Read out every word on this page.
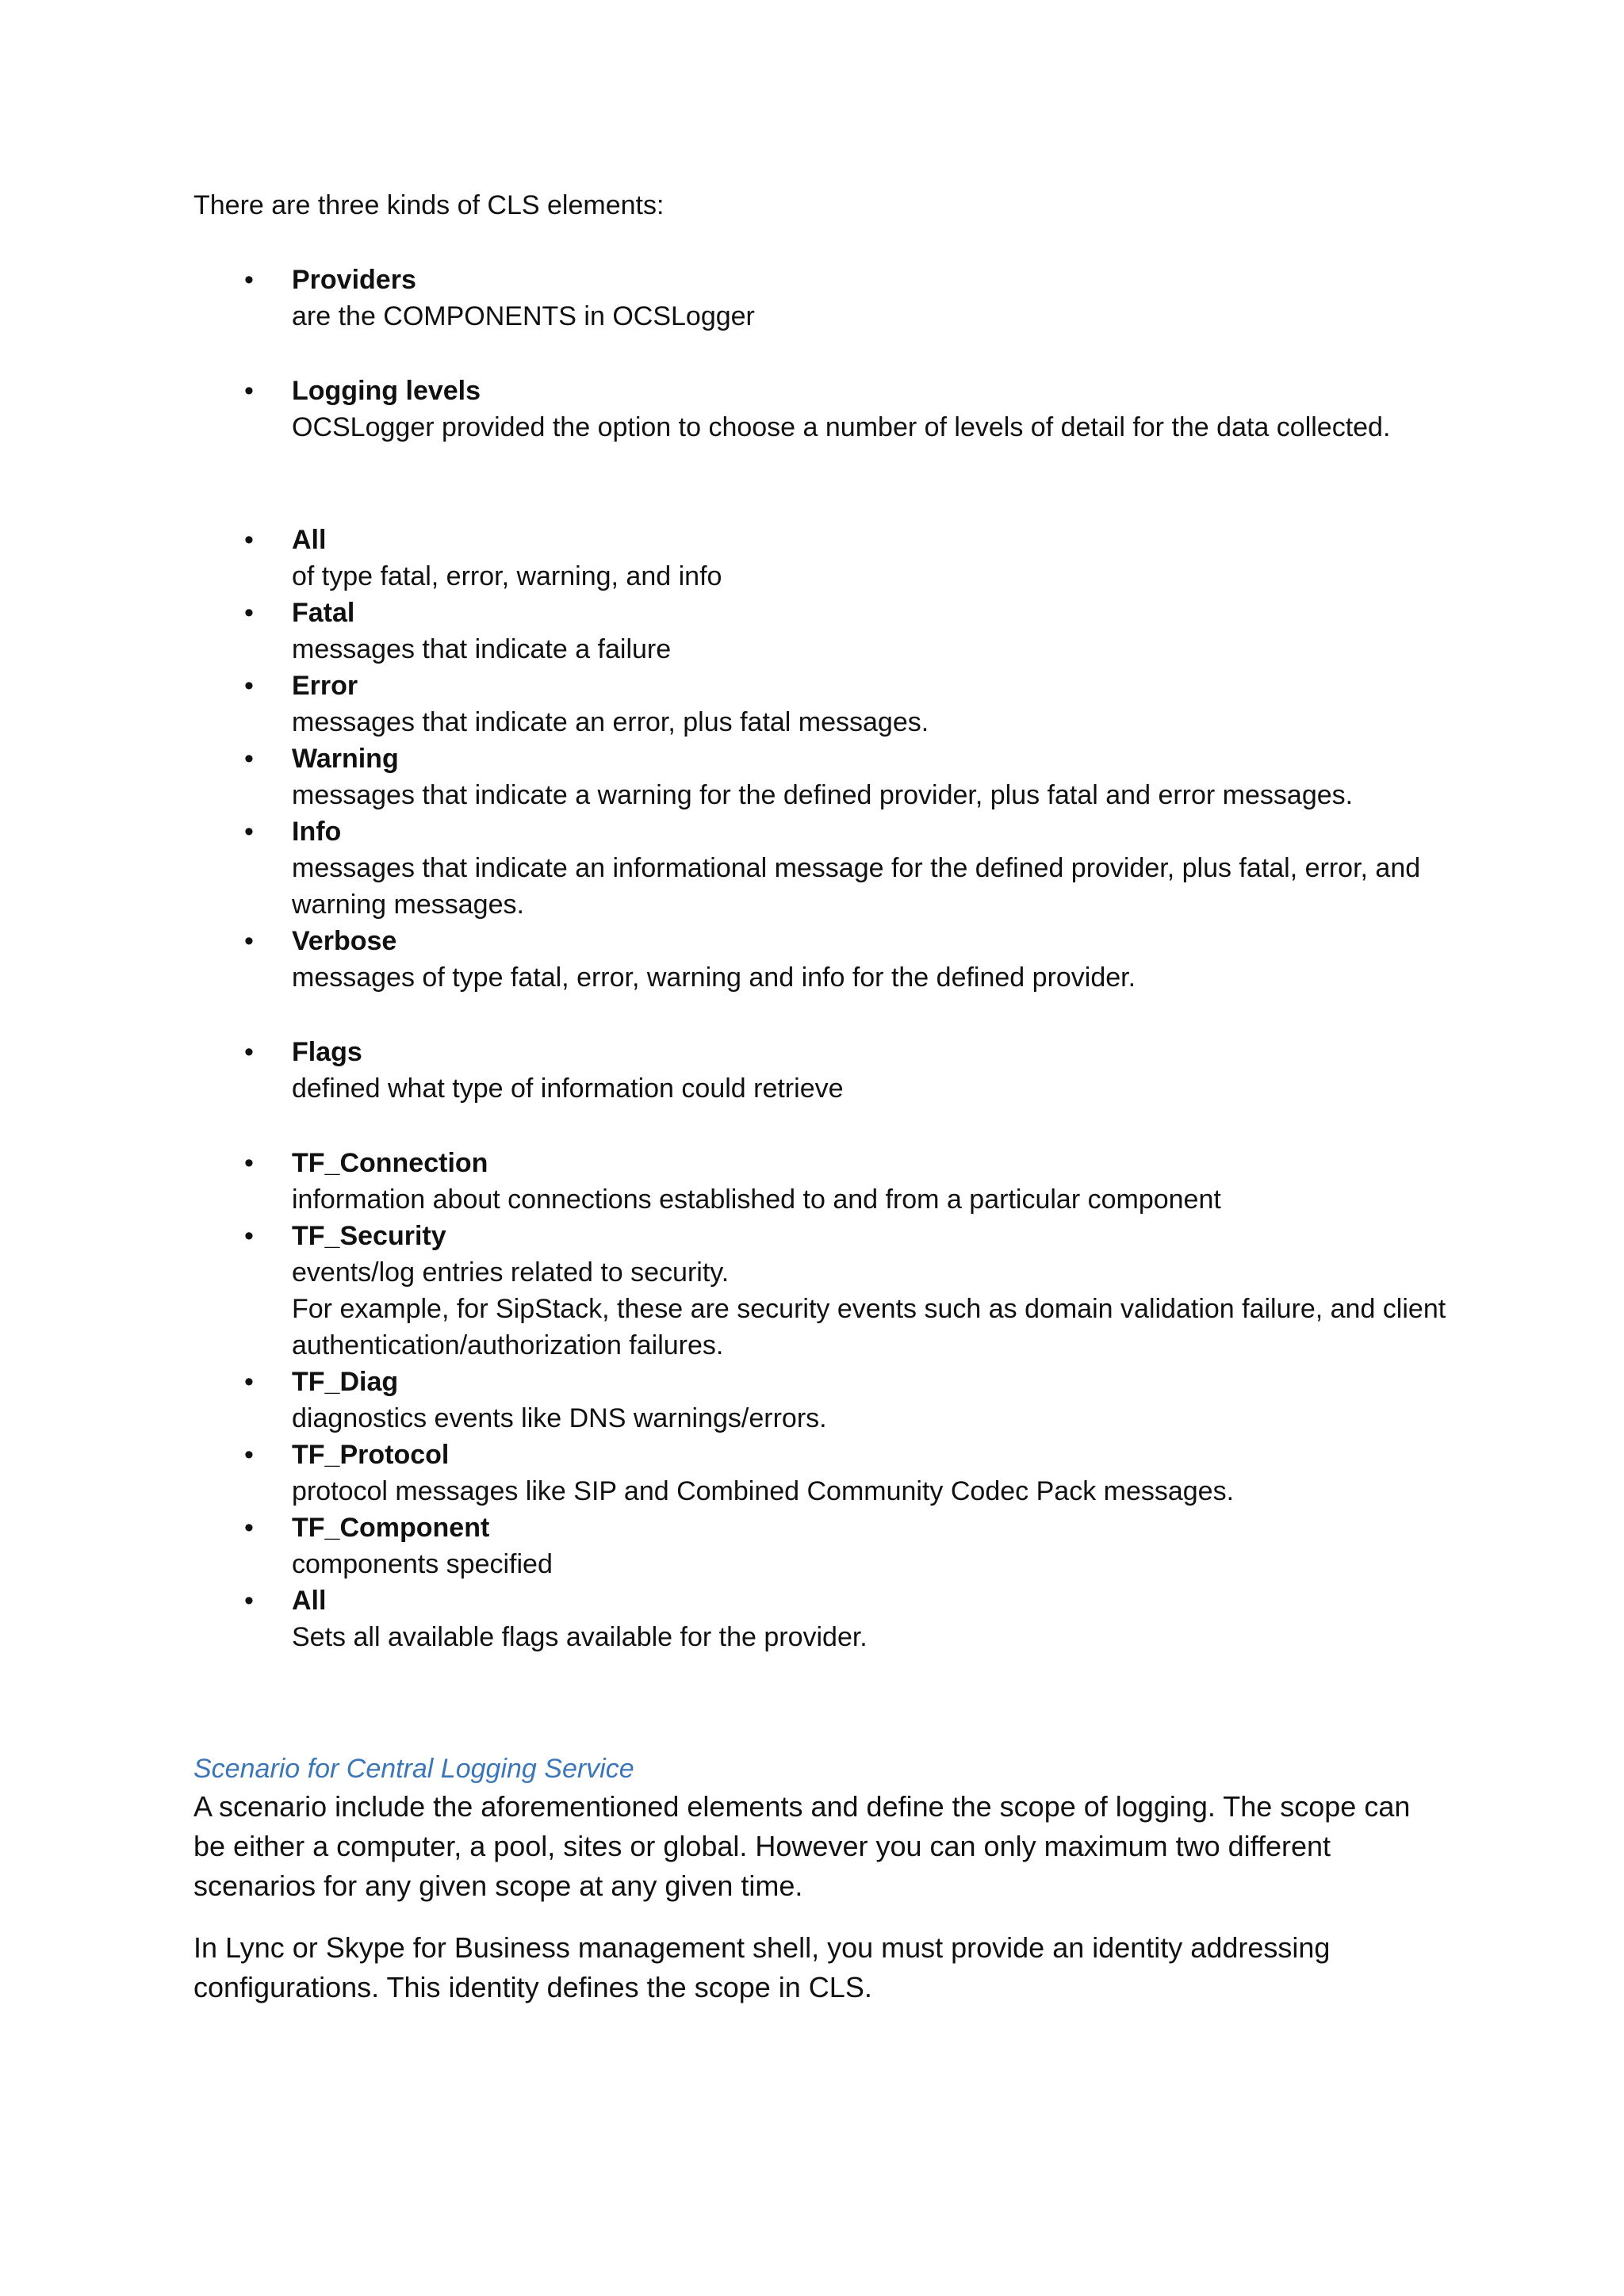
There are three kinds of CLS elements:

• Providers
are the COMPONENTS in OCSLogger
• Logging levels
OCSLogger provided the option to choose a number of levels of detail for the data collected.
• All
of type fatal, error, warning, and info
• Fatal
messages that indicate a failure
• Error
messages that indicate an error, plus fatal messages.
• Warning
messages that indicate a warning for the defined provider, plus fatal and error messages.
• Info
messages that indicate an informational message for the defined provider, plus fatal, error, and warning messages.
• Verbose
messages of type fatal, error, warning and info for the defined provider.
• Flags
defined what type of information could retrieve
• TF_Connection
information about connections established to and from a particular component
• TF_Security
events/log entries related to security.
For example, for SipStack, these are security events such as domain validation failure, and client authentication/authorization failures.
• TF_Diag
diagnostics events like DNS warnings/errors.
• TF_Protocol
protocol messages like SIP and Combined Community Codec Pack messages.
• TF_Component
components specified
• All
Sets all available flags available for the provider.
Scenario for Central Logging Service

A scenario include the aforementioned elements and define the scope of logging. The scope can be either a computer, a pool, sites or global. However you can only maximum two different scenarios for any given scope at any given time.

In Lync or Skype for Business management shell, you must provide an identity addressing configurations. This identity defines the scope in CLS.
